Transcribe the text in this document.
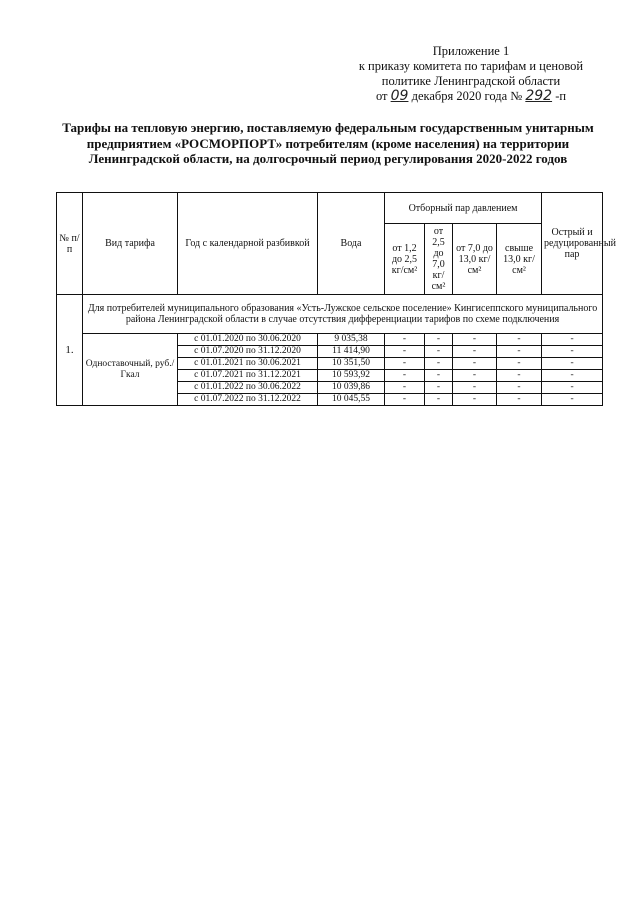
Приложение 1
к приказу комитета по тарифам и ценовой
политике Ленинградской области
от 09 декабря 2020 года № 292 -п
Тарифы на тепловую энергию, поставляемую федеральным государственным унитарным
предприятием «РОСМОРПОРТ» потребителям (кроме населения) на территории
Ленинградской области, на долгосрочный период регулирования 2020-2022 годов
№ п/п	Вид тарифа	Год с календарной разбивкой	Вода	Отборный пар давлением				Острый и редуцированный пар
				от 1,2 до 2,5 кг/см²	от 2,5 до 7,0 кг/см²	от 7,0 до 13,0 кг/см²	свыше 13,0 кг/см²	
1.	Для потребителей муниципального образования «Усть-Лужское сельское поселение» Кингисеппского муниципального района Ленинградской области в случае отсутствия дифференциации тарифов по схеме подключения							
	Одноставочный, руб./Гкал	с 01.01.2020 по 30.06.2020	9 035,38	-	-	-	-	-
		с 01.07.2020 по 31.12.2020	11 414,90	-	-	-	-	-
		с 01.01.2021 по 30.06.2021	10 351,50	-	-	-	-	-
		с 01.07.2021 по 31.12.2021	10 593,92	-	-	-	-	-
		с 01.01.2022 по 30.06.2022	10 039,86	-	-	-	-	-
		с 01.07.2022 по 31.12.2022	10 045,55	-	-	-	-	-
